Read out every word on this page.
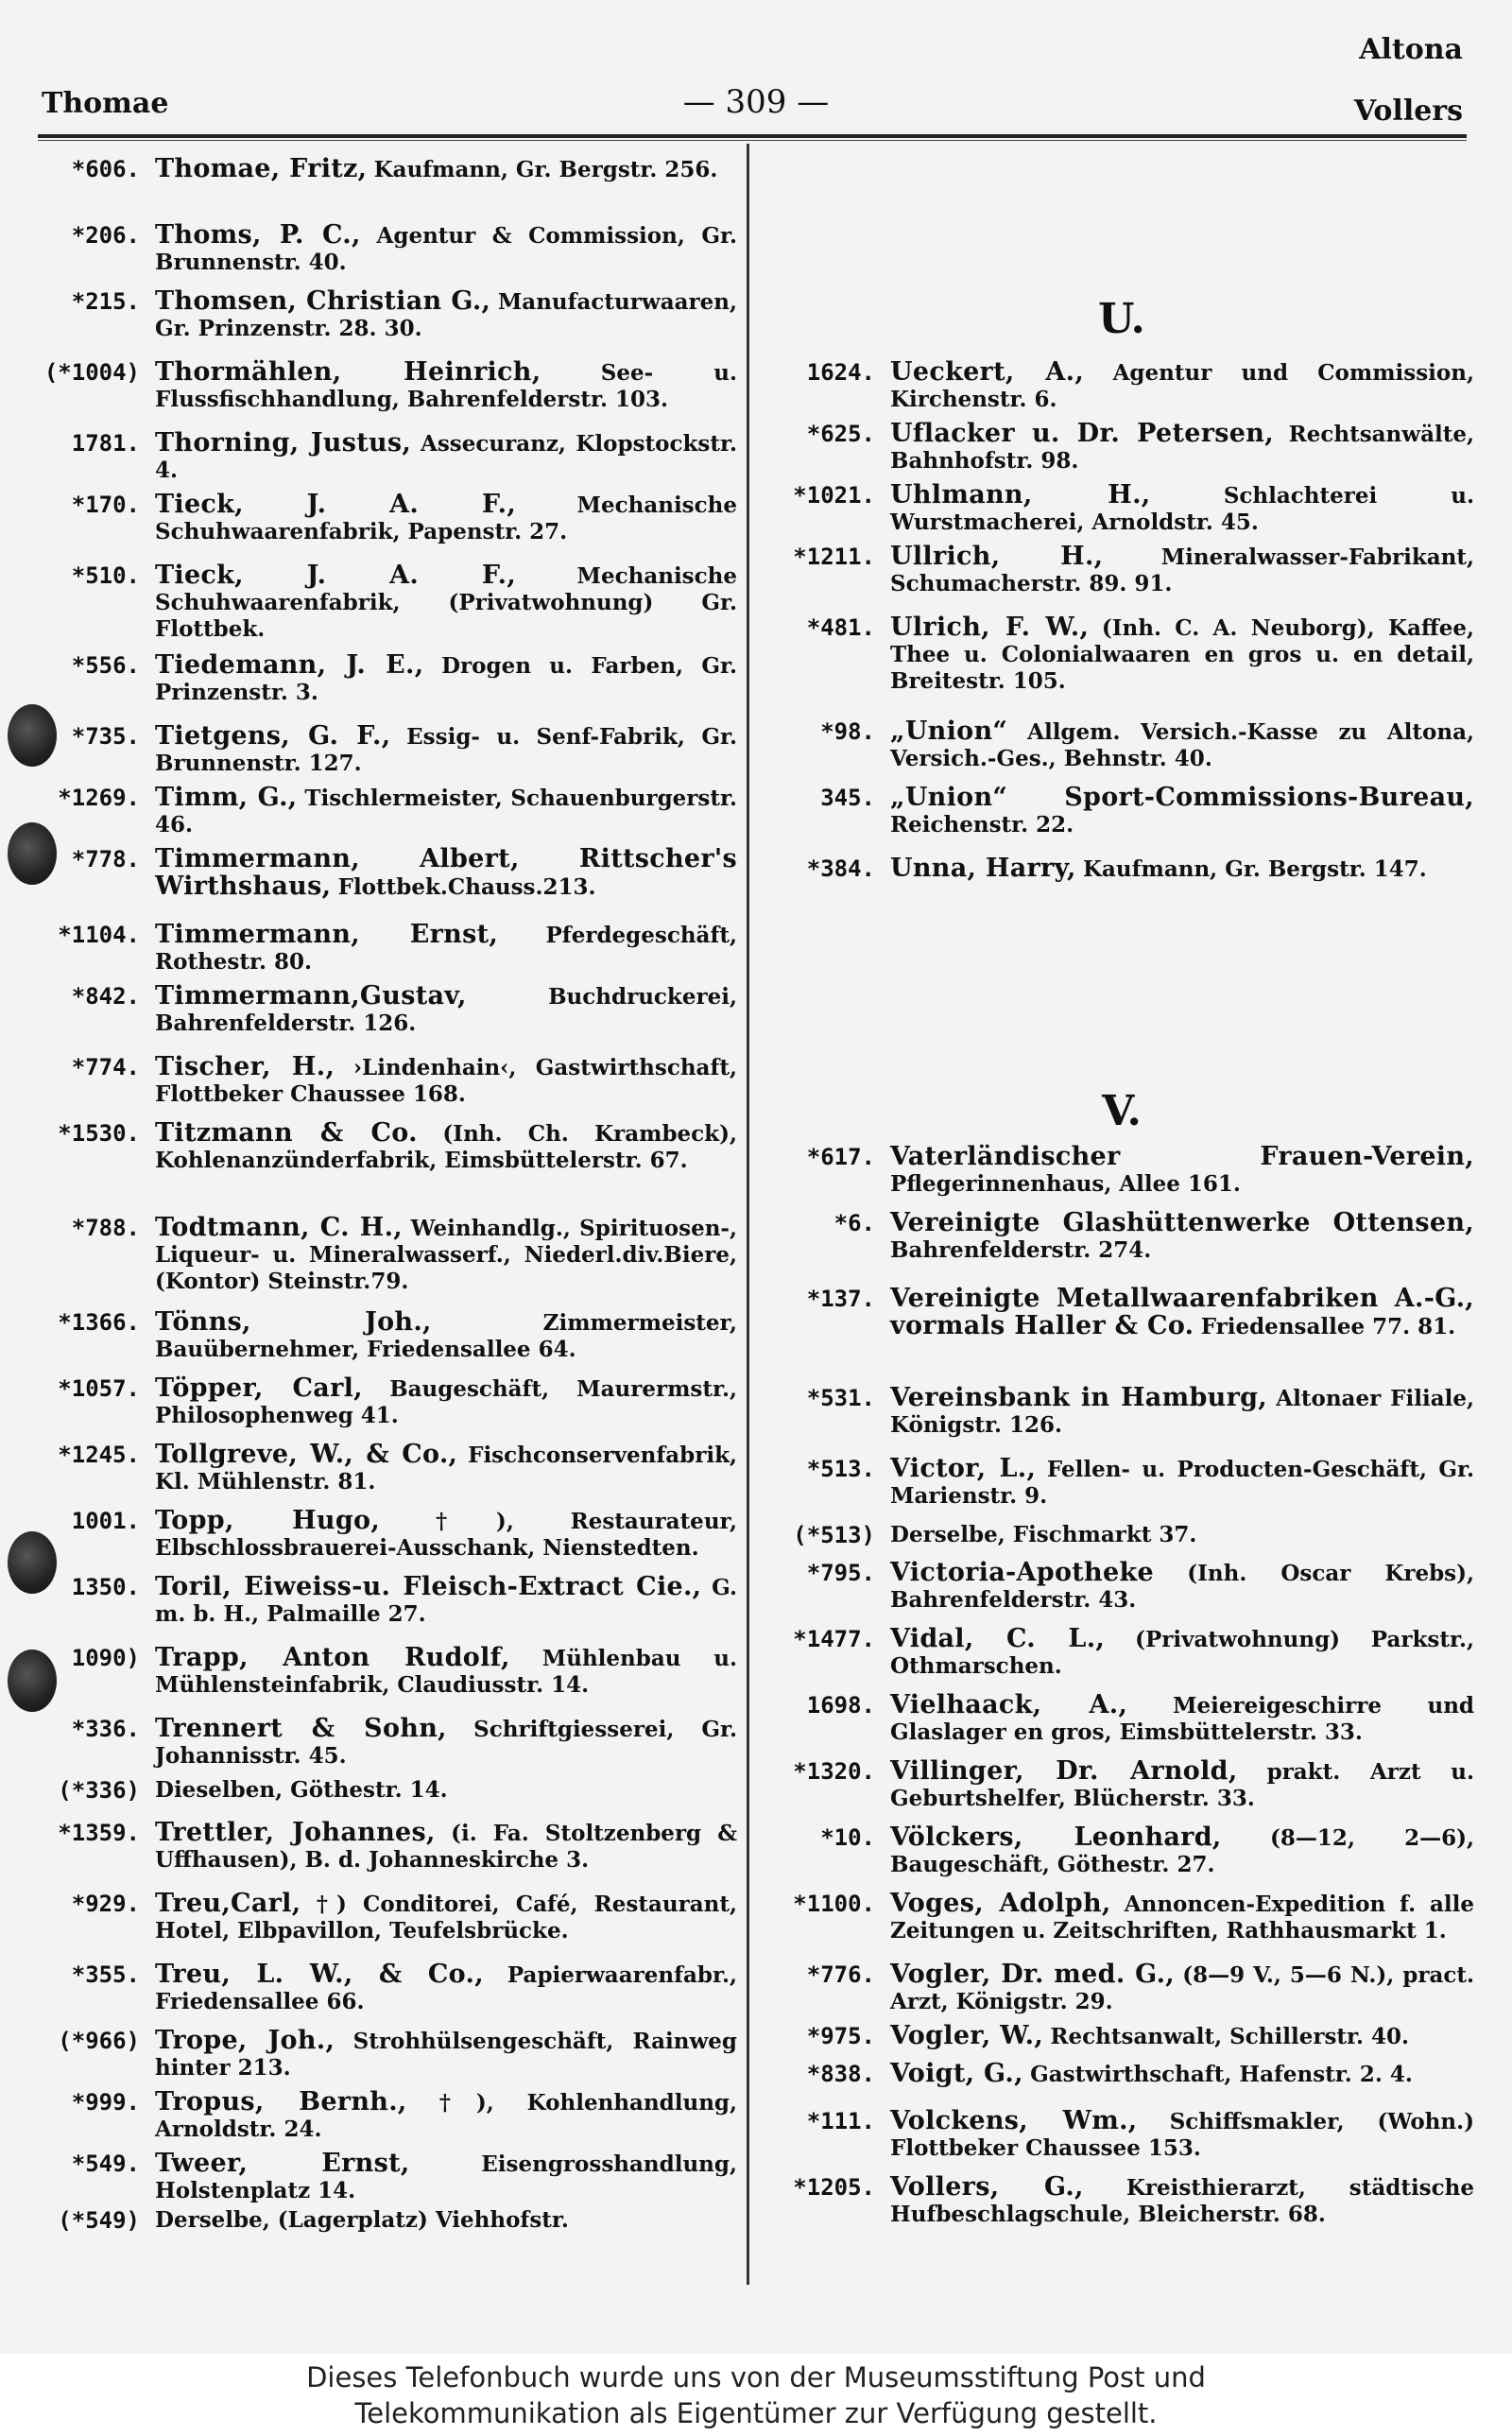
Thomae	— 309 —
Altona
Vollers
*606. Thomae, Fritz, Kaufmann, Gr. Bergstr. 256.
*206. Thoms, P. C., Agentur & Commission, Gr. Brunnenstr. 40.
*215. Thomsen, Christian G., Manufacturwaaren, Gr. Prinzenstr. 28. 30.
(*1004) Thormählen, Heinrich,	See- u. Flussfischhandlung, Bahrenfelderstr. 103.
1781. Thorning, Justus, Assecuranz, Klopstockstr. 4.
*170. Tieck, J. A. F.,	Mechanische Schuhwaarenfabrik, Papenstr. 27.
*510. Tieck, J. A. F.,	Mechanische Schuhwaarenfabrik, (Privatwohnung) Gr. Flottbek.
*556. Tiedemann, J. E., Drogen u. Farben, Gr. Prinzenstr. 3.
*735. Tietgens, G. F., Essig- u. Senf-Fabrik, Gr. Brunnenstr. 127.
*1269. Timm, G., Tischlermeister, Schauenburgerstr. 46.
*778. Timmermann, Albert, Rittscher's Wirthshaus, Flottbek.Chauss.213.
*1104. Timmermann, Ernst, Pferdegeschäft, Rothestr. 80.
*842. Timmermann,Gustav,	Buchdruckerei, Bahrenfelderstr. 126.
*774. Tischer, H., ›Lindenhain‹, Gastwirthschaft, Flottbeker Chaussee 168.
*1530. Titzmann & Co. (Inh. Ch. Krambeck), Kohlenanzünderfabrik, Eimsbüttelerstr. 67.
*788. Todtmann, C. H., Weinhandlg., Spirituosen-, Liqueur- u. Mineralwasserf., Niederl.div.Biere, (Kontor) Steinstr.79.
*1366. Tönns, Joh.,	Zimmermeister, Bauübernehmer, Friedensallee 64.
*1057. Töpper, Carl, Baugeschäft, Maurermstr., Philosophenweg 41.
*1245. Tollgreve, W., & Co., Fischconservenfabrik, Kl. Mühlenstr. 81.
1001. Topp, Hugo,	†), Restaurateur, Elbschlossbrauerei-Ausschank, Nienstedten.
1350. Toril, Eiweiss-u. Fleisch-Extract Cie., G. m. b. H., Palmaille 27.
1090) Trapp, Anton Rudolf, Mühlenbau u. Mühlensteinfabrik, Claudiusstr. 14.
*336. Trennert & Sohn, Schriftgiesserei, Gr. Johannisstr. 45.
(*336) Dieselben, Göthestr. 14.
*1359. Trettler, Johannes, (i. Fa. Stoltzenberg & Uffhausen), B. d. Johanneskirche 3.
*929. Treu,Carl, †) Conditorei, Café, Restaurant, Hotel, Elbpavillon, Teufelsbrücke.
*355. Treu, L. W., & Co., Papierwaarenfabr., Friedensallee 66.
(*966) Trope, Joh., Strohhülsengeschäft, Rainweg hinter 213.
*999. Tropus, Bernh., †), Kohlenhandlung, Arnoldstr. 24.
*549. Tweer, Ernst,	Eisengrosshandlung, Holstenplatz 14.
(*549) Derselbe, (Lagerplatz) Viehhofstr.
U.
1624. Ueckert, A., Agentur und Commission, Kirchenstr. 6.
*625. Uflacker u. Dr. Petersen, Rechtsanwälte, Bahnhofstr. 98.
*1021. Uhlmann, H.,	Schlachterei u. Wurstmacherei, Arnoldstr. 45.
*1211. Ullrich, H.,	Mineralwasser-Fabrikant, Schumacherstr. 89. 91.
*481. Ulrich, F. W., (Inh. C. A. Neuborg), Kaffee, Thee u. Colonialwaaren en gros u. en detail, Breitestr. 105.
*98. „Union“ Allgem. Versich.-Kasse zu Altona, Versich.-Ges., Behnstr. 40.
345. „Union“ Sport-Commissions-Bureau, Reichenstr. 22.
*384. Unna, Harry, Kaufmann, Gr. Bergstr. 147.
V.
*617. Vaterländischer Frauen-Verein, Pflegerinnenhaus, Allee 161.
*6. Vereinigte Glashüttenwerke Ottensen, Bahrenfelderstr. 274.
*137. Vereinigte Metallwaarenfabriken A.-G., vormals Haller & Co. Friedensallee 77. 81.
*531. Vereinsbank in Hamburg, Altonaer Filiale, Königstr. 126.
*513. Victor, L., Fellen- u. Producten-Geschäft, Gr. Marienstr. 9.
(*513) Derselbe, Fischmarkt 37.
*795. Victoria-Apotheke (Inh. Oscar Krebs), Bahrenfelderstr. 43.
*1477. Vidal, C. L., (Privatwohnung) Parkstr., Othmarschen.
1698. Vielhaack, A., Meiereigeschirre und Glaslager en gros, Eimsbüttelerstr. 33.
*1320. Villinger, Dr. Arnold, prakt. Arzt u. Geburtshelfer, Blücherstr. 33.
*10. Völckers, Leonhard, (8—12, 2—6), Baugeschäft, Göthestr. 27.
*1100. Voges, Adolph, Annoncen-Expedition f. alle Zeitungen u. Zeitschriften, Rathhausmarkt 1.
*776. Vogler, Dr. med. G., (8—9 V., 5—6 N.), pract. Arzt, Königstr. 29.
*975. Vogler, W., Rechtsanwalt, Schillerstr. 40.
*838. Voigt, G., Gastwirthschaft, Hafenstr. 2. 4.
*111. Volckens, Wm., Schiffsmakler, (Wohn.) Flottbeker Chaussee 153.
*1205. Vollers, G., Kreisthierarzt, städtische Hufbeschlagschule, Bleicherstr. 68.
Dieses Telefonbuch wurde uns von der Museumsstiftung Post und
Telekommunikation als Eigentümer zur Verfügung gestellt.
